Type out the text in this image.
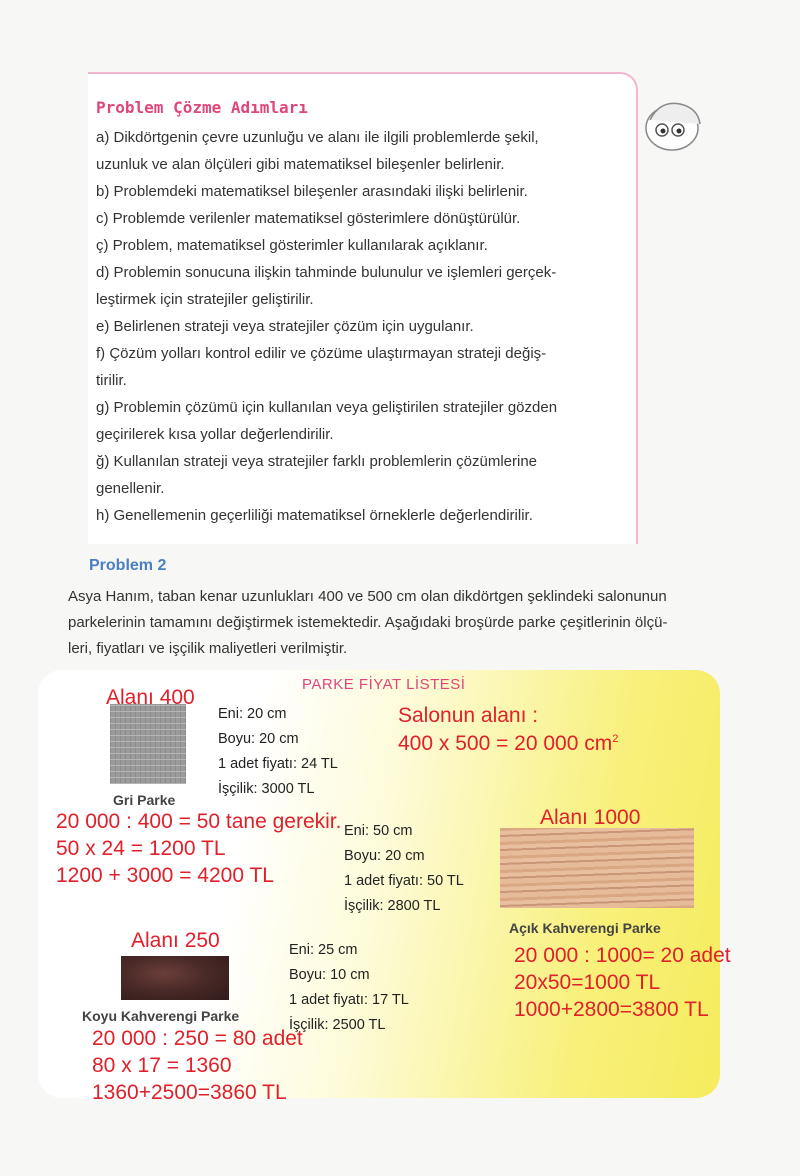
Problem Çözme Adımları
a) Dikdörtgenin çevre uzunluğu ve alanı ile ilgili problemlerde şekil,
uzunluk ve alan ölçüleri gibi matematiksel bileşenler belirlenir.
b) Problemdeki matematiksel bileşenler arasındaki ilişki belirlenir.
c) Problemde verilenler matematiksel gösterimlere dönüştürülür.
ç) Problem, matematiksel gösterimler kullanılarak açıklanır.
d) Problemin sonucuna ilişkin tahminde bulunulur ve işlemleri gerçek-
leştirmek için stratejiler geliştirilir.
e) Belirlenen strateji veya stratejiler çözüm için uygulanır.
f) Çözüm yolları kontrol edilir ve çözüme ulaştırmayan strateji değiş-
tirilir.
g) Problemin çözümü için kullanılan veya geliştirilen stratejiler gözden
geçirilerek kısa yollar değerlendirilir.
ğ) Kullanılan strateji veya stratejiler farklı problemlerin çözümlerine
genellenir.
h) Genellemenin geçerliliği matematiksel örneklerle değerlendirilir.
Problem 2
Asya Hanım, taban kenar uzunlukları 400 ve 500 cm olan dikdörtgen şeklindeki salonunun
parkelerinin tamamını değiştirmek istemektedir. Aşağıdaki broşürde parke çeşitlerinin ölçü-
leri, fiyatları ve işçilik maliyetleri verilmiştir.
PARKE FİYAT LİSTESİ
Gri Parke
Eni: 20 cm
Boyu: 20 cm
1 adet fiyatı: 24 TL
İşçilik: 3000 TL
Eni: 50 cm
Boyu: 20 cm
1 adet fiyatı: 50 TL
İşçilik: 2800 TL
Açık Kahverengi Parke
Koyu Kahverengi Parke
Eni: 25 cm
Boyu: 10 cm
1 adet fiyatı: 17 TL
İşçilik: 2500 TL
Alanı 400
Salonun alanı :
400 x 500 = 20 000 $cm^2$
20 000 : 400 = 50 tane gerekir.
50 x 24 = 1200 TL
1200 + 3000 = 4200 TL
Alanı 1000
20 000 : 1000= 20 adet
20x50=1000 TL
1000+2800=3800 TL
Alanı 250
20 000 : 250 = 80 adet
80 x 17 = 1360
1360+2500=3860 TL
